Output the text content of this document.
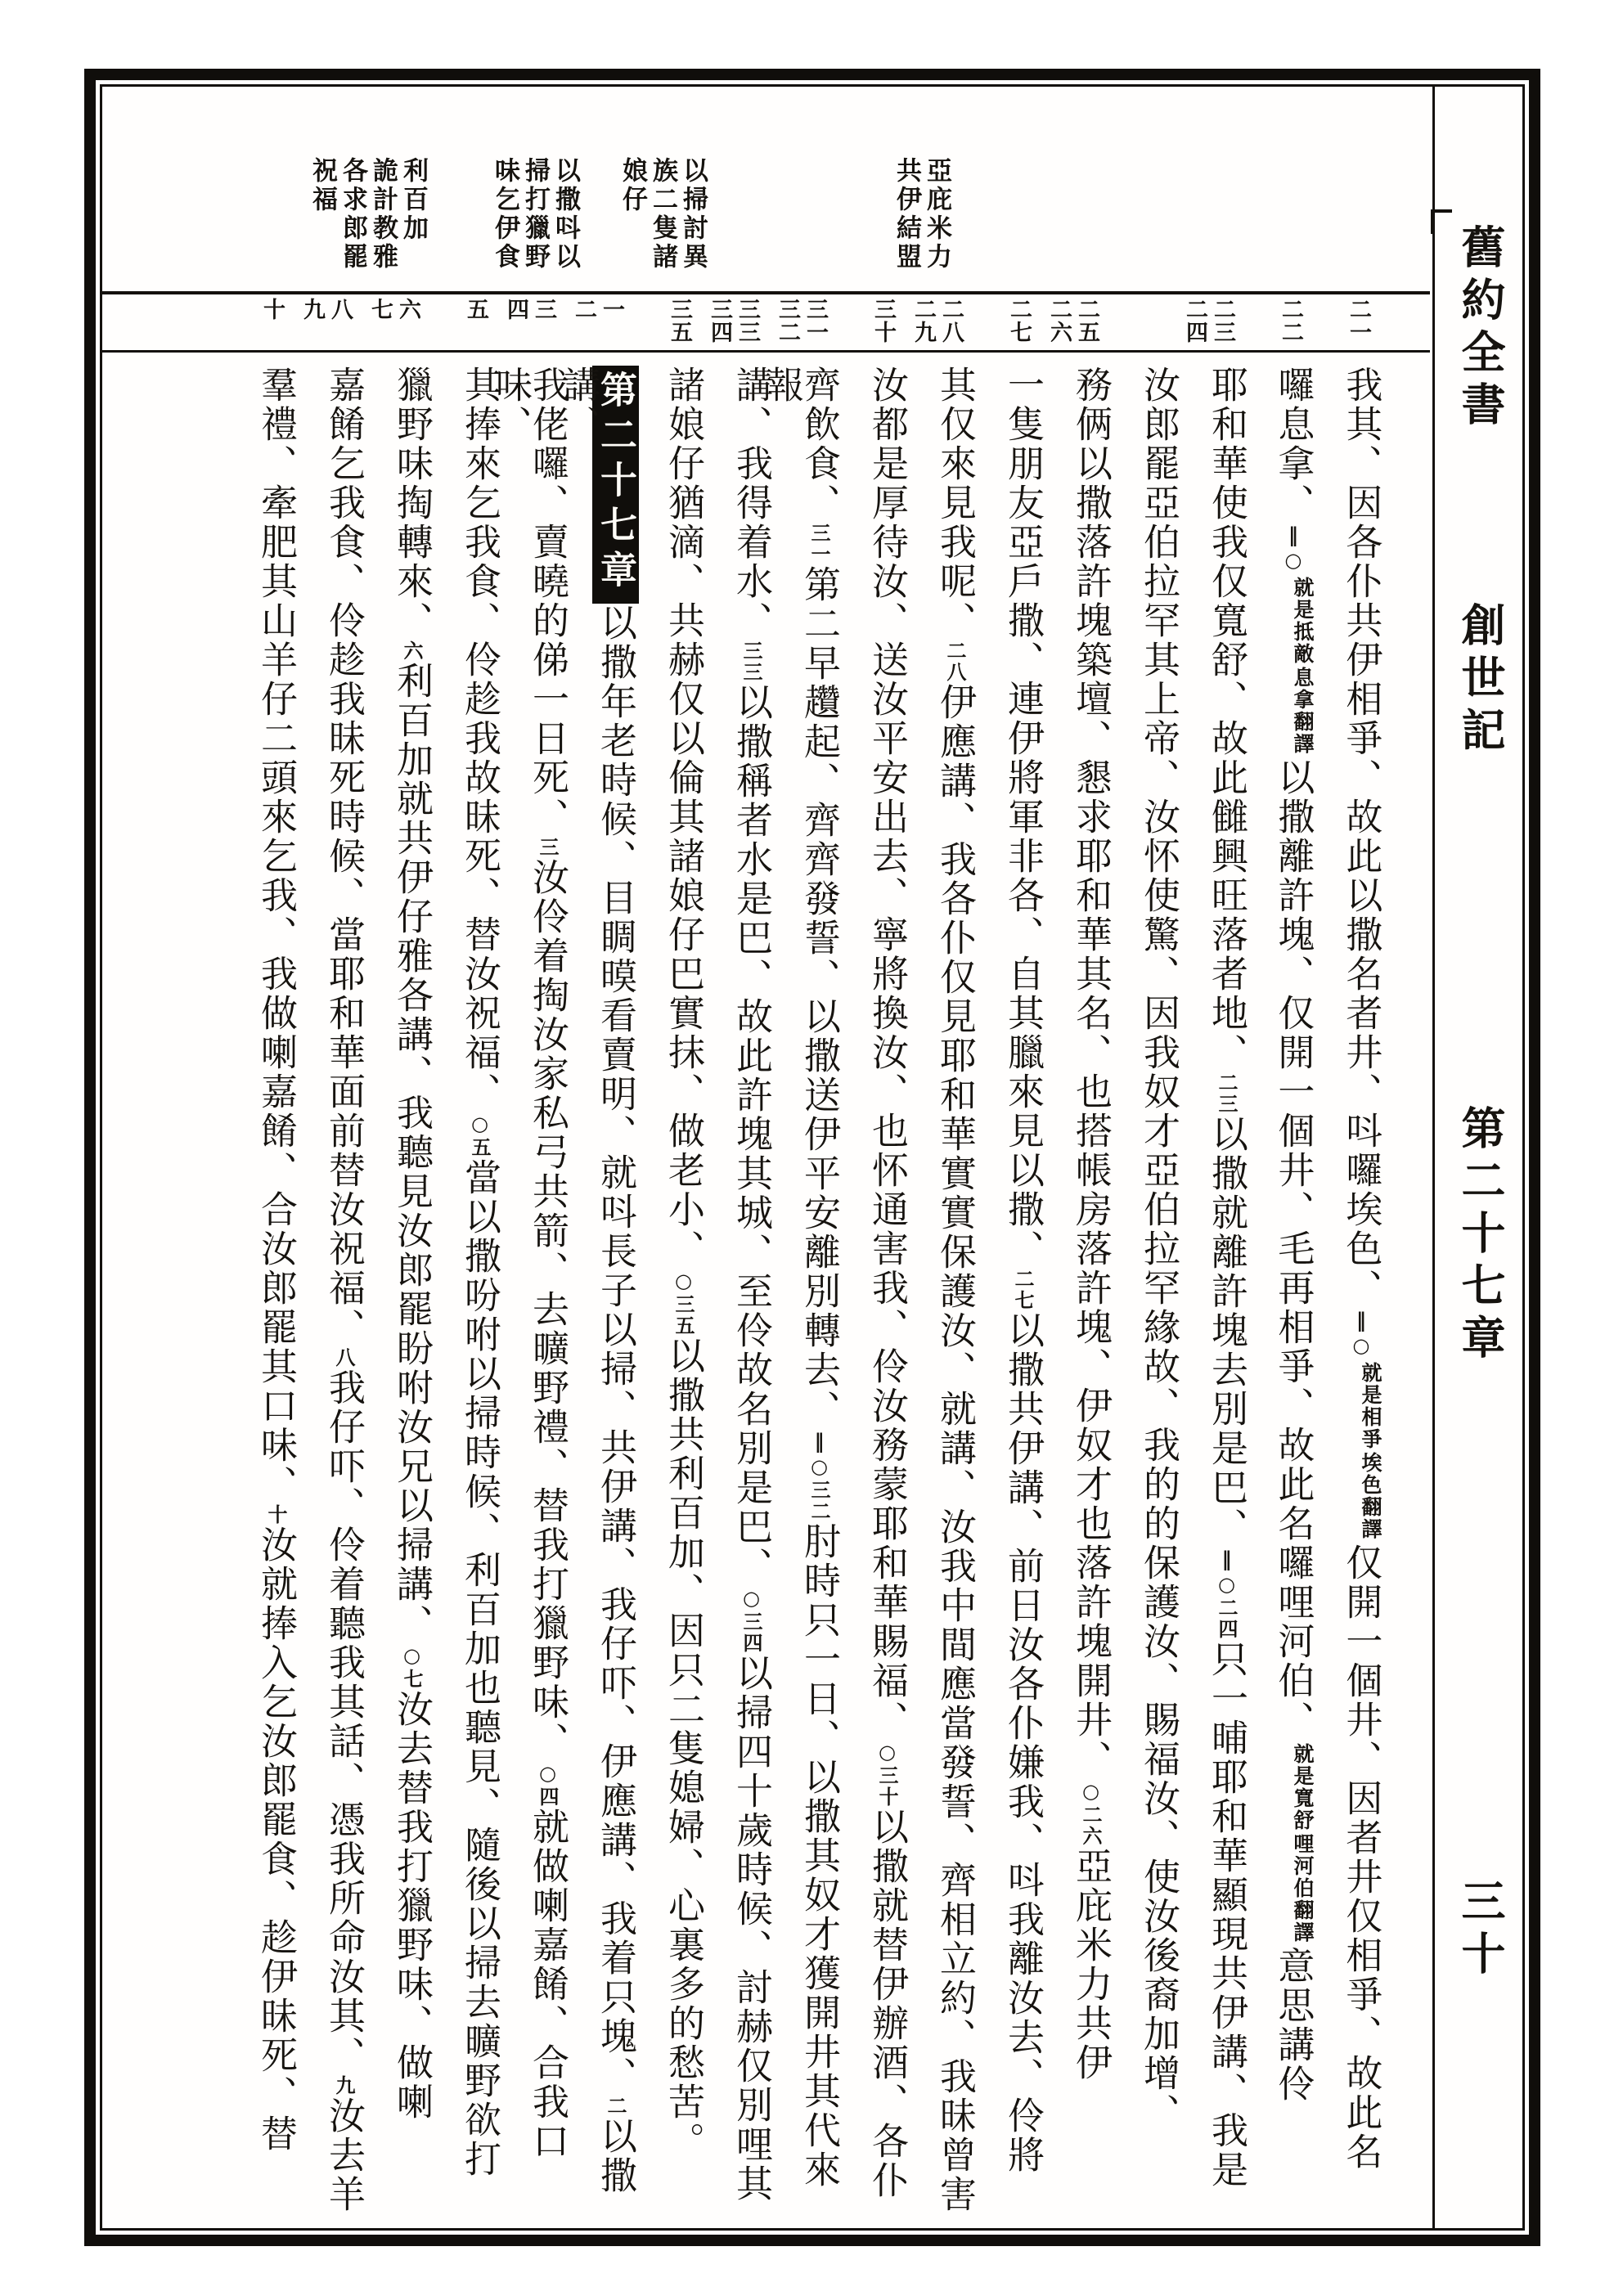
舊約全書
創世記
第二十七章
三十
亞庇米力
共伊結盟
以掃討異
族二隻諸
娘仔
以撒呌以
掃打獵野
味乞伊食
利百加
詭計教雅
各求郎罷
祝福
二一
二二
二三
二四
二五
二六
二七
二八
二九
三十
三一
三二
三三
三四
三五
一
二
三
四
五
六
七
八
九
十
我其、因各仆共伊相爭、故此以撒名者井、呌囉埃色、‖○
埃色翻譯
就是相爭
仅開一個井、因者井仅相爭、故此名
囉息拿、‖○
息拿翻譯
就是抵敵
以撒離許塊、仅開一個井、毛再相爭、故此名囉哩河伯、
哩河伯翻譯
就是寬舒
意思講伶
耶和華使我仅寬舒、故此雠興旺落者地、二三以撒就離許塊去別是巴、‖○二四只一晡耶和華顯現共伊講、我是
汝郎罷亞伯拉罕其上帝、汝怀使驚、因我奴才亞伯拉罕緣故、我的的保護汝、賜福汝、使汝後裔加增、
務俩以撒落許塊築壇、懇求耶和華其名、也搭帳房落許塊、伊奴才也落許塊開井、○二六亞庇米力共伊
一隻朋友亞戶撒、連伊將軍非各、自其臘來見以撒、二七以撒共伊講、前日汝各仆嫌我、呌我離汝去、伶將
其仅來見我呢、二八伊應講、我各仆仅見耶和華實實保護汝、就講、汝我中間應當發誓、齊相立約、我昧曾害
汝都是厚待汝、送汝平安出去、寧將換汝、也怀通害我、伶汝務蒙耶和華賜福、○三十以撒就替伊辦酒、各仆
齊飲食、三一第二早趲起、齊齊發誓、以撒送伊平安離別轉去、‖○三二肘時只一日、以撒其奴才獲開井其代來報
講、我得着水、三三以撒稱者水是巴、故此許塊其城、至伶故名別是巴、○三四以掃四十歲時候、討赫仅別哩其
諸娘仔猶滴、共赫仅以倫其諸娘仔巴實抹、做老小、○三五以撒共利百加、因只二隻媳婦、心裏多的愁苦。
第二十七章以撒年老時候、目睭暯看賣明、就呌長子以掃、共伊講、我仔吓、伊應講、我着只塊、二以撒講、
我佬囉、賣曉的俤一日死、三汝伶着掏汝家私弓共箭、去曠野禮、替我打獵野味、○四就做喇嘉餚、合我口味、
其捧來乞我食、伶趁我故昧死、替汝祝福、○五當以撒吩咐以掃時候、利百加也聽見、隨後以掃去曠野欲打
獵野味掏轉來、六利百加就共伊仔雅各講、我聽見汝郎罷盼咐汝兄以掃講、○七汝去替我打獵野味、做喇
嘉餚乞我食、伶趁我昧死時候、當耶和華面前替汝祝福、八我仔吓、伶着聽我其話、憑我所命汝其、九汝去羊
羣禮、牽肥其山羊仔二頭來乞我、我做喇嘉餚、合汝郎罷其口味、十汝就捧入乞汝郎罷食、趁伊昧死、替
